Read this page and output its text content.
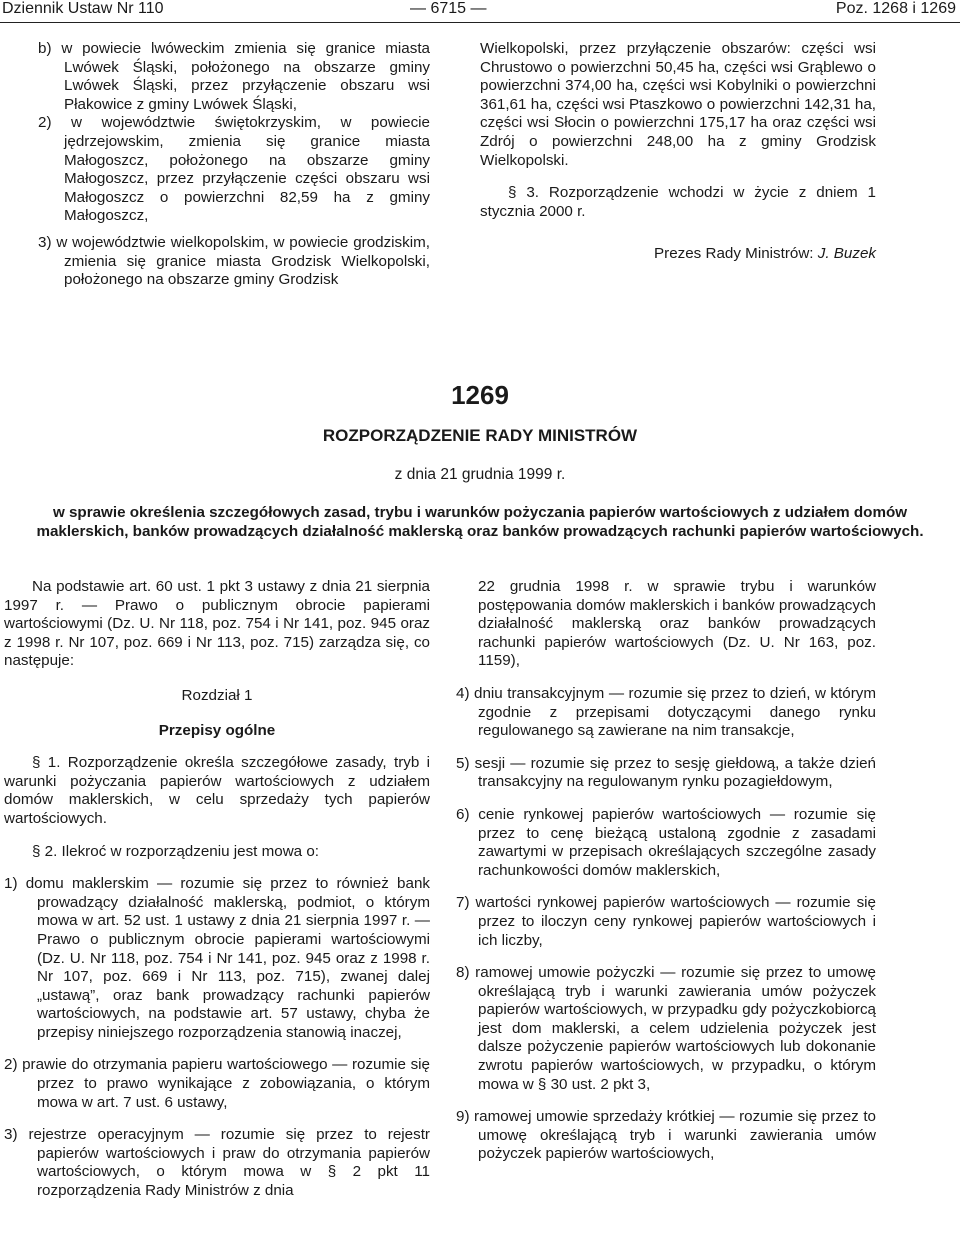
Dziennik Ustaw Nr 110	— 6715 —	Poz. 1268 i 1269

b) w powiecie lwóweckim zmienia się granice miasta Lwówek Śląski, położonego na obszarze gminy Lwówek Śląski, przez przyłączenie obszaru wsi Płakowice z gminy Lwówek Śląski,

2) w województwie świętokrzyskim, w powiecie jędrzejowskim, zmienia się granice miasta Małogoszcz, położonego na obszarze gminy Małogoszcz, przez przyłączenie części obszaru wsi Małogoszcz o powierzchni 82,59 ha z gminy Małogoszcz,

3) w województwie wielkopolskim, w powiecie grodziskim, zmienia się granice miasta Grodzisk Wielkopolski, położonego na obszarze gminy Grodzisk

Wielkopolski, przez przyłączenie obszarów: części wsi Chrustowo o powierzchni 50,45 ha, części wsi Grąblewo o powierzchni 374,00 ha, części wsi Kobylniki o powierzchni 361,61 ha, części wsi Ptaszkowo o powierzchni 142,31 ha, części wsi Słocin o powierzchni 175,17 ha oraz części wsi Zdrój o powierzchni 248,00 ha z gminy Grodzisk Wielkopolski.

§ 3. Rozporządzenie wchodzi w życie z dniem 1 stycznia 2000 r.

Prezes Rady Ministrów: J. Buzek

1269
ROZPORZĄDZENIE RADY MINISTRÓW
z dnia 21 grudnia 1999 r.
w sprawie określenia szczegółowych zasad, trybu i warunków pożyczania papierów wartościowych z udziałem domów maklerskich, banków prowadzących działalność maklerską oraz banków prowadzących rachunki papierów wartościowych.

Na podstawie art. 60 ust. 1 pkt 3 ustawy z dnia 21 sierpnia 1997 r. — Prawo o publicznym obrocie papierami wartościowymi (Dz. U. Nr 118, poz. 754 i Nr 141, poz. 945 oraz z 1998 r. Nr 107, poz. 669 i Nr 113, poz. 715) zarządza się, co następuje:

Rozdział 1

Przepisy ogólne

§ 1. Rozporządzenie określa szczegółowe zasady, tryb i warunki pożyczania papierów wartościowych z udziałem domów maklerskich, w celu sprzedaży tych papierów wartościowych.

§ 2. Ilekroć w rozporządzeniu jest mowa o:

1) domu maklerskim — rozumie się przez to również bank prowadzący działalność maklerską, podmiot, o którym mowa w art. 52 ust. 1 ustawy z dnia 21 sierpnia 1997 r. — Prawo o publicznym obrocie papierami wartościowymi (Dz. U. Nr 118, poz. 754 i Nr 141, poz. 945 oraz z 1998 r. Nr 107, poz. 669 i Nr 113, poz. 715), zwanej dalej „ustawą”, oraz bank prowadzący rachunki papierów wartościowych, na podstawie art. 57 ustawy, chyba że przepisy niniejszego rozporządzenia stanowią inaczej,

2) prawie do otrzymania papieru wartościowego — rozumie się przez to prawo wynikające z zobowiązania, o którym mowa w art. 7 ust. 6 ustawy,

3) rejestrze operacyjnym — rozumie się przez to rejestr papierów wartościowych i praw do otrzymania papierów wartościowych, o którym mowa w § 2 pkt 11 rozporządzenia Rady Ministrów z dnia

22 grudnia 1998 r. w sprawie trybu i warunków postępowania domów maklerskich i banków prowadzących działalność maklerską oraz banków prowadzących rachunki papierów wartościowych (Dz. U. Nr 163, poz. 1159),

4) dniu transakcyjnym — rozumie się przez to dzień, w którym zgodnie z przepisami dotyczącymi danego rynku regulowanego są zawierane na nim transakcje,

5) sesji — rozumie się przez to sesję giełdową, a także dzień transakcyjny na regulowanym rynku pozagiełdowym,

6) cenie rynkowej papierów wartościowych — rozumie się przez to cenę bieżącą ustaloną zgodnie z zasadami zawartymi w przepisach określających szczególne zasady rachunkowości domów maklerskich,

7) wartości rynkowej papierów wartościowych — rozumie się przez to iloczyn ceny rynkowej papierów wartościowych i ich liczby,

8) ramowej umowie pożyczki — rozumie się przez to umowę określającą tryb i warunki zawierania umów pożyczek papierów wartościowych, w przypadku gdy pożyczkobiorcą jest dom maklerski, a celem udzielenia pożyczek jest dalsze pożyczenie papierów wartościowych lub dokonanie zwrotu papierów wartościowych, w przypadku, o którym mowa w § 30 ust. 2 pkt 3,

9) ramowej umowie sprzedaży krótkiej — rozumie się przez to umowę określającą tryb i warunki zawierania umów pożyczek papierów wartościowych,
